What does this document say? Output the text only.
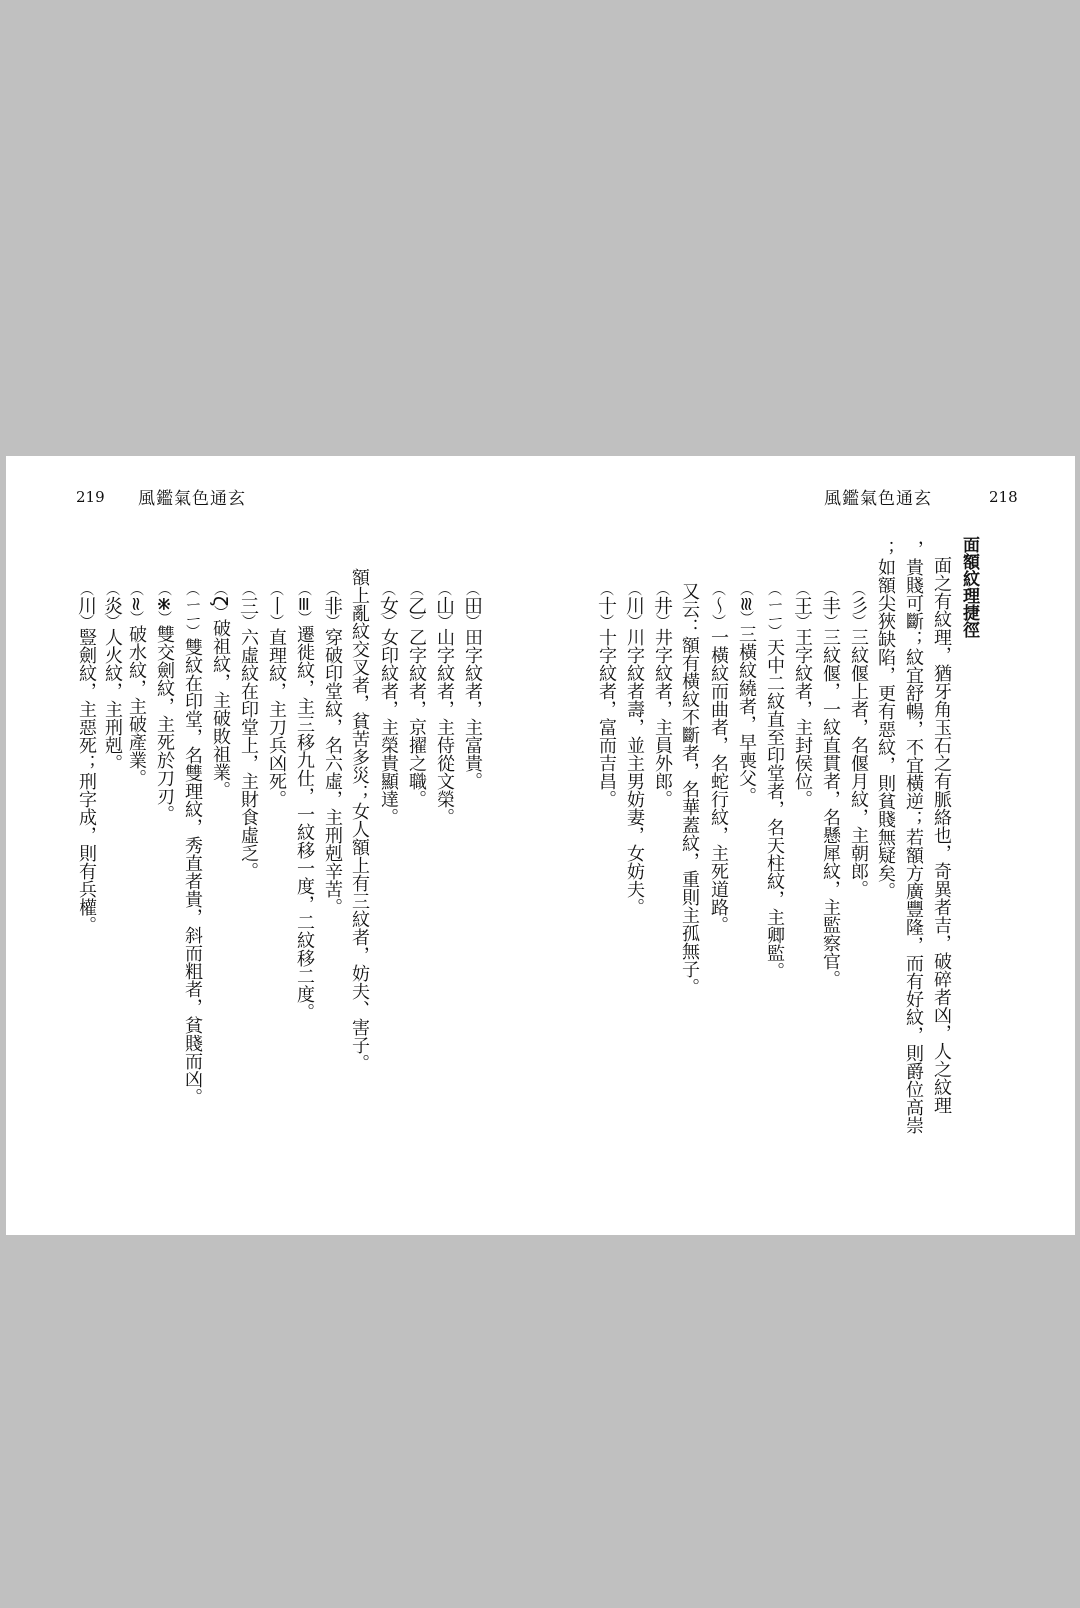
219 風鑑氣色通玄	風鑑氣色通玄	218
面額紋理捷徑
面之有紋理，猶牙角玉石之有脈絡也，奇異者吉，破碎者凶，人之紋理
，貴賤可斷；紋宜舒暢，不宜橫逆；若額方廣豐隆，而有好紋，則爵位高崇
；如額尖狹缺陷，更有惡紋，則貧賤無疑矣。
（彡）三紋偃上者，名偃月紋，主朝郎。
（丰）三紋偃，一紋直貫者，名懸犀紋，主監察官。
（王）王字紋者，主封侯位。
（ㄧㄧ）天中二紋直至印堂者，名天柱紋，主卿監。
（≋）三橫紋繞者，早喪父。
（〜）一橫紋而曲者，名蛇行紋，主死道路。
又云：額有橫紋不斷者，名華蓋紋，重則主孤無子。
（井）井字紋者，主員外郎。
（川）川字紋者壽，並主男妨妻，女妨夫。
（十）十字紋者，富而吉昌。
（田）田字紋者，主富貴。
（山）山字紋者，主侍從文榮。
（乙）乙字紋者，京擢之職。
（女）女印紋者，主榮貴顯達。
額上亂紋交叉者，貧苦多災；女人額上有三紋者，妨夫、害子。
（非）穿破印堂紋，名六虛，主刑剋辛苦。
（≡）遷徙紋，主三移九仕，一紋移一度，二紋移二度。
（丨）直理紋，主刀兵凶死。
（三）六虛紋在印堂上，主財食虛乏。
（ζ）破祖紋，主破敗祖業。
（ㄧㄧ）雙紋在印堂，名雙理紋，秀直者貴，斜而粗者，貧賤而凶。
（⋇）雙交劍紋，主死於刀刃。
（≈）破水紋，主破產業。
（炎）人火紋，主刑剋。
（川）豎劍紋，主惡死；刑字成，則有兵權。
